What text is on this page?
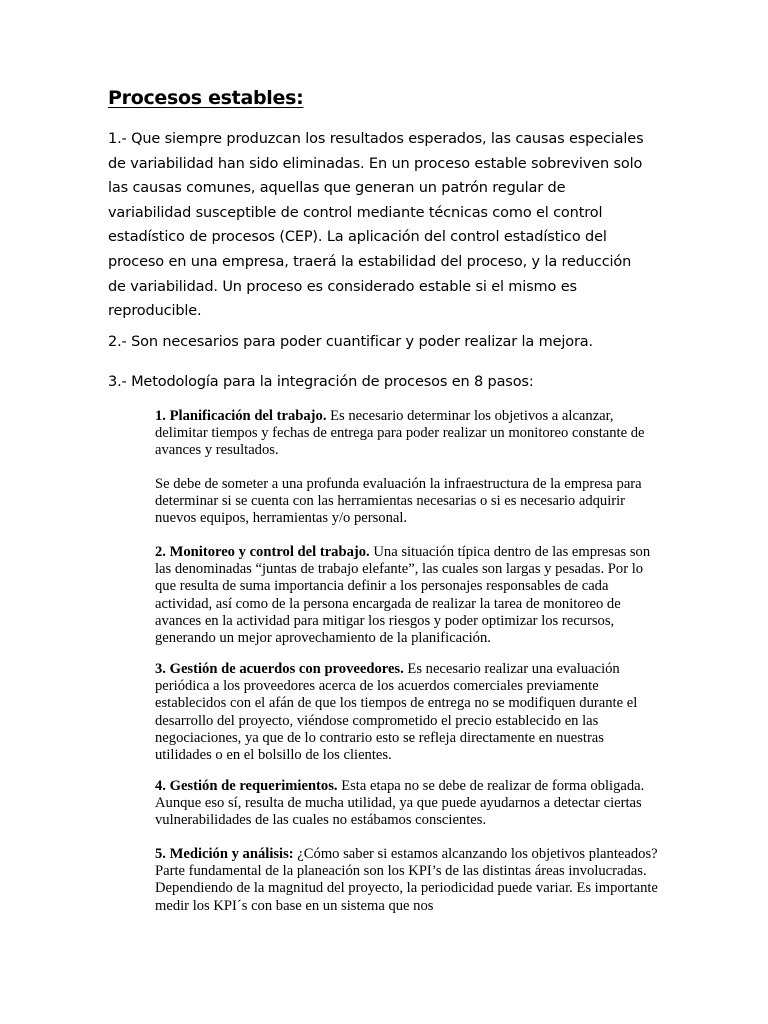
Procesos estables:

1.- Que siempre produzcan los resultados esperados, las causas especiales de variabilidad han sido eliminadas. En un proceso estable sobreviven solo las causas comunes, aquellas que generan un patrón regular de variabilidad susceptible de control mediante técnicas como el control estadístico de procesos (CEP). La aplicación del control estadístico del proceso en una empresa, traerá la estabilidad del proceso, y la reducción de variabilidad. Un proceso es considerado estable si el mismo es reproducible.

2.- Son necesarios para poder cuantificar y poder realizar la mejora.

3.- Metodología para la integración de procesos en 8 pasos:

1. Planificación del trabajo. Es necesario determinar los objetivos a alcanzar, delimitar tiempos y fechas de entrega para poder realizar un monitoreo constante de avances y resultados.

Se debe de someter a una profunda evaluación la infraestructura de la empresa para determinar si se cuenta con las herramientas necesarias o si es necesario adquirir nuevos equipos, herramientas y/o personal.

2. Monitoreo y control del trabajo. Una situación típica dentro de las empresas son las denominadas “juntas de trabajo elefante”, las cuales son largas y pesadas. Por lo que resulta de suma importancia definir a los personajes responsables de cada actividad, así como de la persona encargada de realizar la tarea de monitoreo de avances en la actividad para mitigar los riesgos y poder optimizar los recursos, generando un mejor aprovechamiento de la planificación.

3. Gestión de acuerdos con proveedores. Es necesario realizar una evaluación periódica a los proveedores acerca de los acuerdos comerciales previamente establecidos con el afán de que los tiempos de entrega no se modifiquen durante el desarrollo del proyecto, viéndose comprometido el precio establecido en las negociaciones, ya que de lo contrario esto se refleja directamente en nuestras utilidades o en el bolsillo de los clientes.

4. Gestión de requerimientos. Esta etapa no se debe de realizar de forma obligada. Aunque eso sí, resulta de mucha utilidad, ya que puede ayudarnos a detectar ciertas vulnerabilidades de las cuales no estábamos conscientes.

5. Medición y análisis: ¿Cómo saber si estamos alcanzando los objetivos planteados? Parte fundamental de la planeación son los KPI’s de las distintas áreas involucradas. Dependiendo de la magnitud del proyecto, la periodicidad puede variar. Es importante medir los KPI´s con base en un sistema que nos
